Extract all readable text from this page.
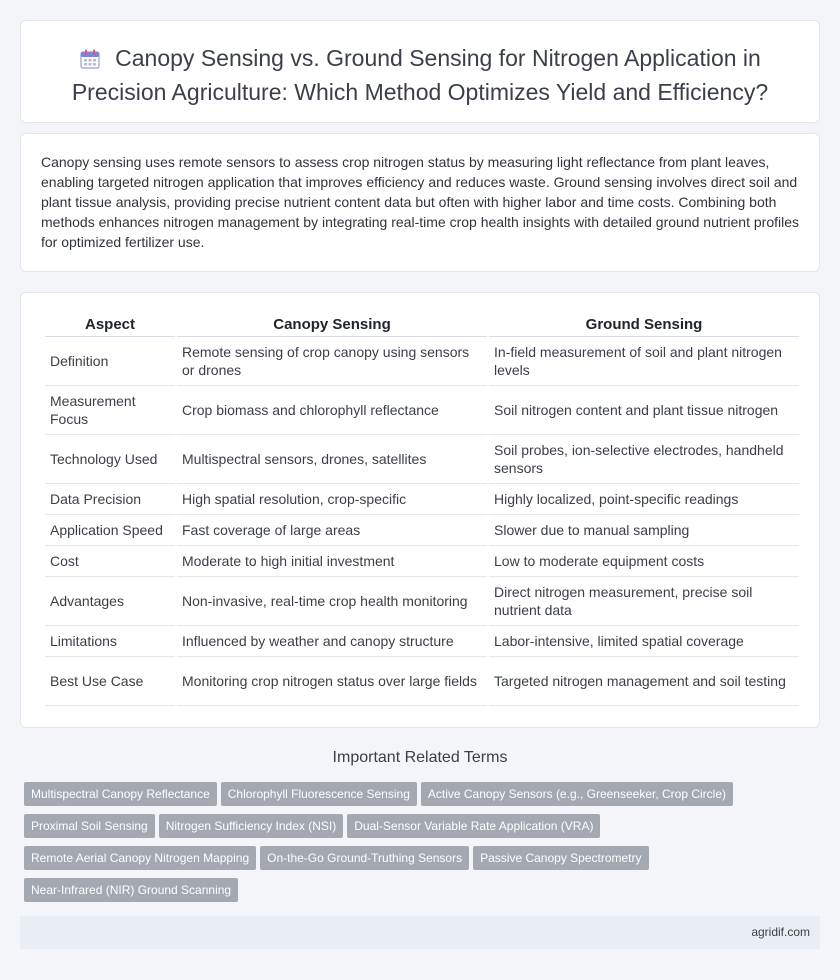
Canopy Sensing vs. Ground Sensing for Nitrogen Application in Precision Agriculture: Which Method Optimizes Yield and Efficiency?

Canopy sensing uses remote sensors to assess crop nitrogen status by measuring light reflectance from plant leaves, enabling targeted nitrogen application that improves efficiency and reduces waste. Ground sensing involves direct soil and plant tissue analysis, providing precise nutrient content data but often with higher labor and time costs. Combining both methods enhances nitrogen management by integrating real-time crop health insights with detailed ground nutrient profiles for optimized fertilizer use.

Aspect	Canopy Sensing	Ground Sensing
Definition	Remote sensing of crop canopy using sensors or drones	In-field measurement of soil and plant nitrogen levels
Measurement Focus	Crop biomass and chlorophyll reflectance	Soil nitrogen content and plant tissue nitrogen
Technology Used	Multispectral sensors, drones, satellites	Soil probes, ion-selective electrodes, handheld sensors
Data Precision	High spatial resolution, crop-specific	Highly localized, point-specific readings
Application Speed	Fast coverage of large areas	Slower due to manual sampling
Cost	Moderate to high initial investment	Low to moderate equipment costs
Advantages	Non-invasive, real-time crop health monitoring	Direct nitrogen measurement, precise soil nutrient data
Limitations	Influenced by weather and canopy structure	Labor-intensive, limited spatial coverage
Best Use Case	Monitoring crop nitrogen status over large fields	Targeted nitrogen management and soil testing
Important Related Terms
Multispectral Canopy Reflectance Chlorophyll Fluorescence Sensing Active Canopy Sensors (e.g., Greenseeker, Crop Circle)
Proximal Soil Sensing Nitrogen Sufficiency Index (NSI) Dual-Sensor Variable Rate Application (VRA)
Remote Aerial Canopy Nitrogen Mapping On-the-Go Ground-Truthing Sensors Passive Canopy Spectrometry
Near-Infrared (NIR) Ground Scanning
agridif.com
